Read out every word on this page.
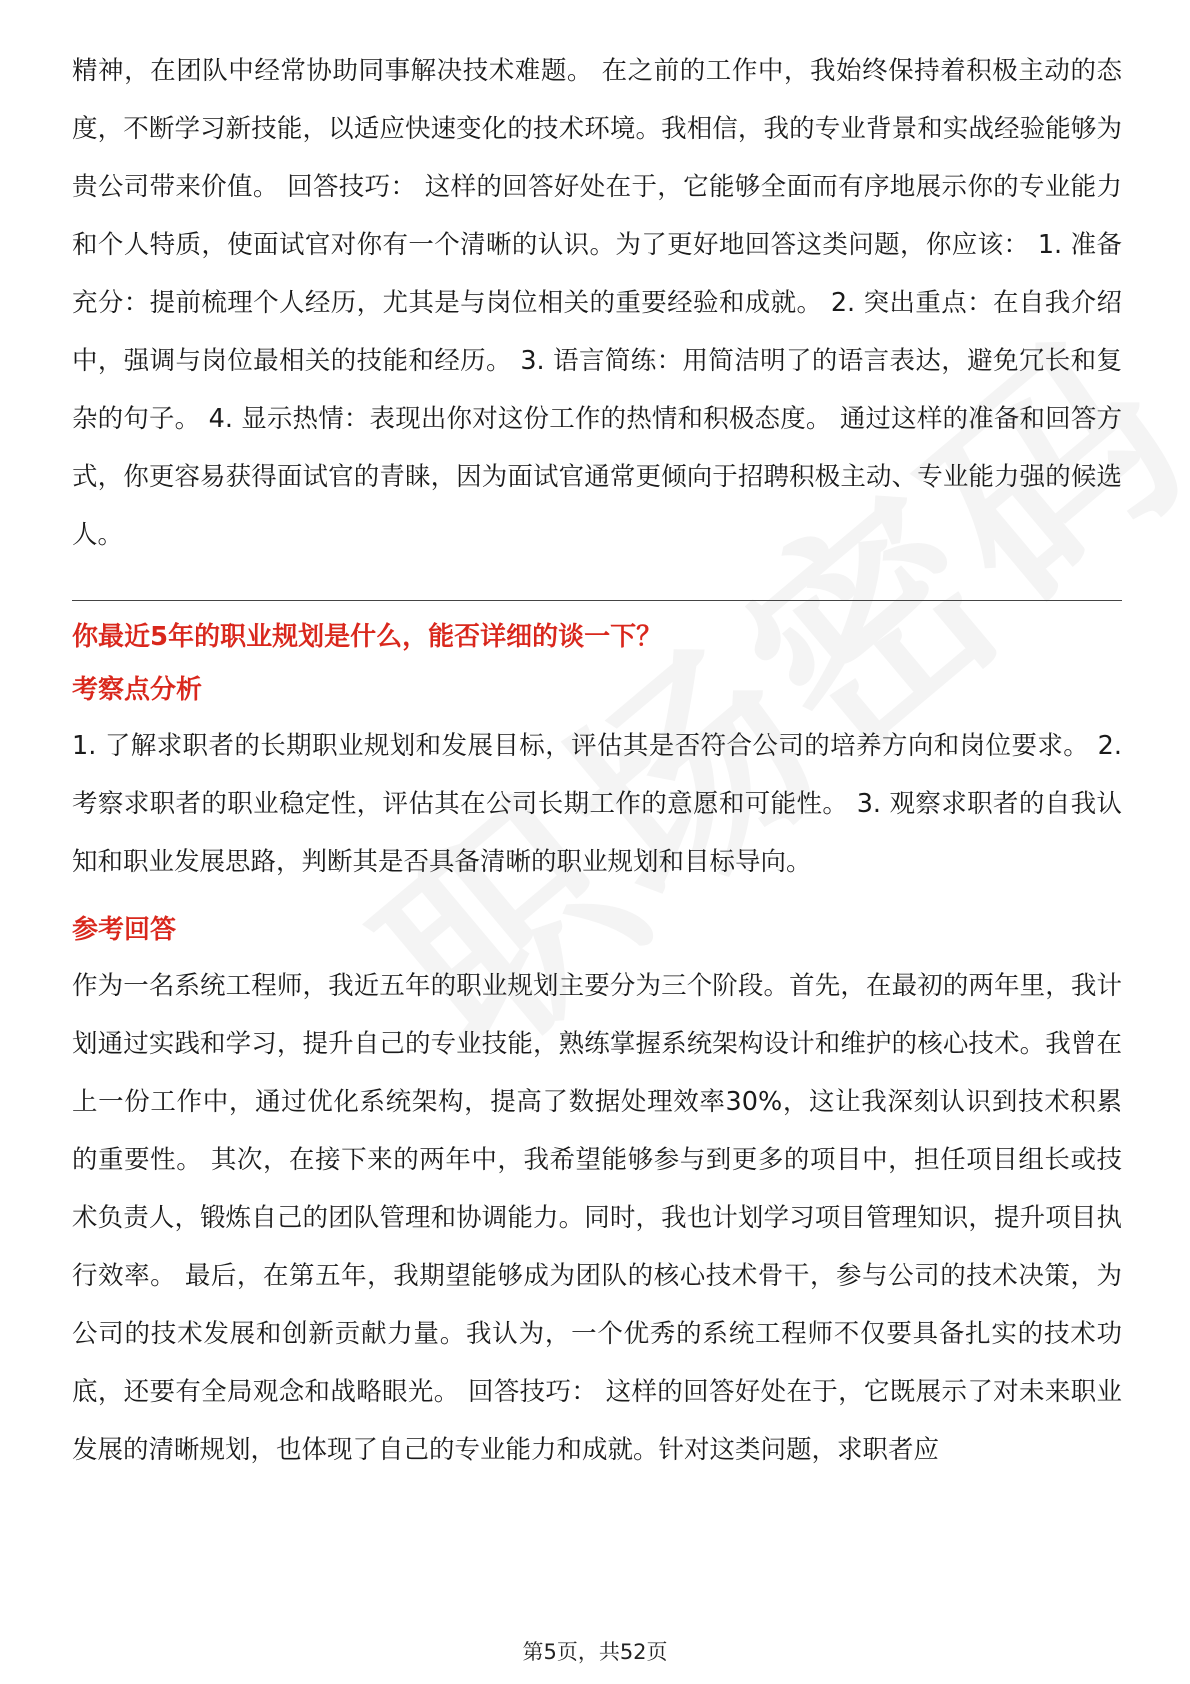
精神，在团队中经常协助同事解决技术难题。 在之前的工作中，我始终保持着积极主动的态度，不断学习新技能，以适应快速变化的技术环境。我相信，我的专业背景和实战经验能够为贵公司带来价值。 回答技巧： 这样的回答好处在于，它能够全面而有序地展示你的专业能力和个人特质，使面试官对你有一个清晰的认识。为了更好地回答这类问题，你应该： 1. 准备充分：提前梳理个人经历，尤其是与岗位相关的重要经验和成就。 2. 突出重点：在自我介绍中，强调与岗位最相关的技能和经历。 3. 语言简练：用简洁明了的语言表达，避免冗长和复杂的句子。 4. 显示热情：表现出你对这份工作的热情和积极态度。 通过这样的准备和回答方式，你更容易获得面试官的青睐，因为面试官通常更倾向于招聘积极主动、专业能力强的候选人。

你最近5年的职业规划是什么，能否详细的谈一下？

考察点分析

1. 了解求职者的长期职业规划和发展目标，评估其是否符合公司的培养方向和岗位要求。 2. 考察求职者的职业稳定性，评估其在公司长期工作的意愿和可能性。 3. 观察求职者的自我认知和职业发展思路，判断其是否具备清晰的职业规划和目标导向。

参考回答

作为一名系统工程师，我近五年的职业规划主要分为三个阶段。首先，在最初的两年里，我计划通过实践和学习，提升自己的专业技能，熟练掌握系统架构设计和维护的核心技术。我曾在上一份工作中，通过优化系统架构，提高了数据处理效率30%，这让我深刻认识到技术积累的重要性。 其次，在接下来的两年中，我希望能够参与到更多的项目中，担任项目组长或技术负责人，锻炼自己的团队管理和协调能力。同时，我也计划学习项目管理知识，提升项目执行效率。 最后，在第五年，我期望能够成为团队的核心技术骨干，参与公司的技术决策，为公司的技术发展和创新贡献力量。我认为，一个优秀的系统工程师不仅要具备扎实的技术功底，还要有全局观念和战略眼光。 回答技巧： 这样的回答好处在于，它既展示了对未来职业发展的清晰规划，也体现了自己的专业能力和成就。针对这类问题，求职者应

第5页，共52页
